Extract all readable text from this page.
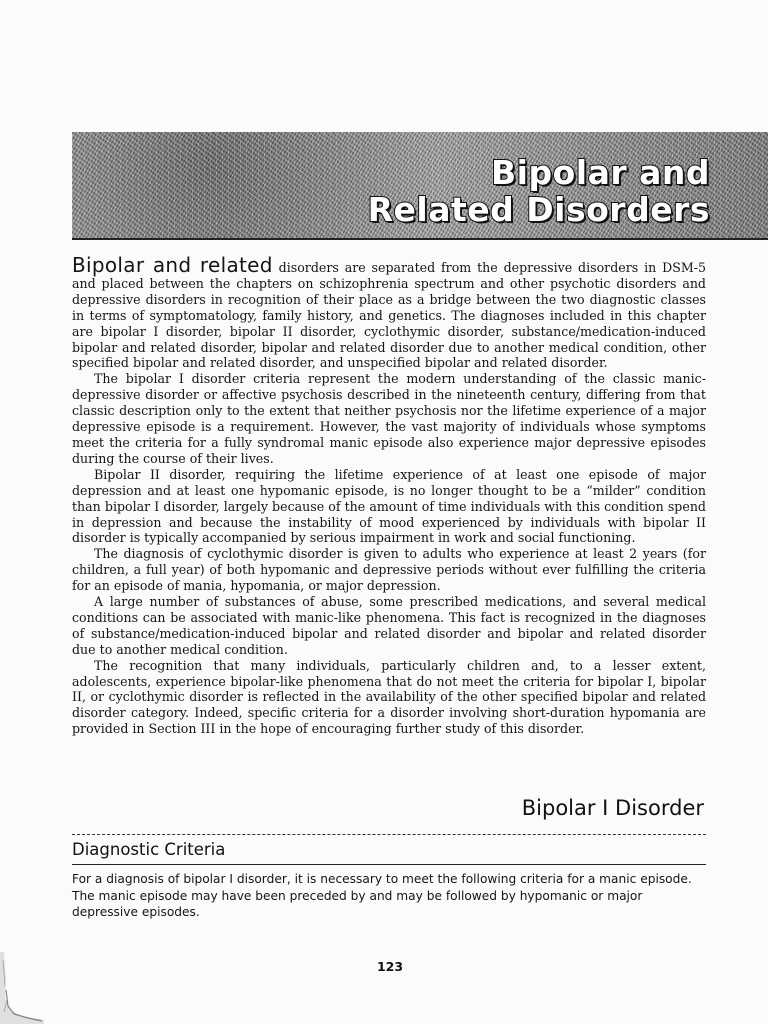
Bipolar and
Related Disorders

Bipolar and related disorders are separated from the depressive disorders in DSM-5 and placed between the chapters on schizophrenia spectrum and other psychotic disorders and depressive disorders in recognition of their place as a bridge between the two diagnostic classes in terms of symptomatology, family history, and genetics. The diagnoses included in this chapter are bipolar I disorder, bipolar II disorder, cyclothymic disorder, substance/medication-induced bipolar and related disorder, bipolar and related disorder due to another medical condition, other specified bipolar and related disorder, and unspecified bipolar and related disorder.

The bipolar I disorder criteria represent the modern understanding of the classic manic-depressive disorder or affective psychosis described in the nineteenth century, differing from that classic description only to the extent that neither psychosis nor the lifetime experience of a major depressive episode is a requirement. However, the vast majority of individuals whose symptoms meet the criteria for a fully syndromal manic episode also experience major depressive episodes during the course of their lives.

Bipolar II disorder, requiring the lifetime experience of at least one episode of major depression and at least one hypomanic episode, is no longer thought to be a “milder” condition than bipolar I disorder, largely because of the amount of time individuals with this condition spend in depression and because the instability of mood experienced by individuals with bipolar II disorder is typically accompanied by serious impairment in work and social functioning.

The diagnosis of cyclothymic disorder is given to adults who experience at least 2 years (for children, a full year) of both hypomanic and depressive periods without ever fulfilling the criteria for an episode of mania, hypomania, or major depression.

A large number of substances of abuse, some prescribed medications, and several medical conditions can be associated with manic-like phenomena. This fact is recognized in the diagnoses of substance/medication-induced bipolar and related disorder and bipolar and related disorder due to another medical condition.

The recognition that many individuals, particularly children and, to a lesser extent, adolescents, experience bipolar-like phenomena that do not meet the criteria for bipolar I, bipolar II, or cyclothymic disorder is reflected in the availability of the other specified bipolar and related disorder category. Indeed, specific criteria for a disorder involving short-duration hypomania are provided in Section III in the hope of encouraging further study of this disorder.

Bipolar I Disorder
Diagnostic Criteria

For a diagnosis of bipolar I disorder, it is necessary to meet the following criteria for a manic episode. The manic episode may have been preceded by and may be followed by hypomanic or major depressive episodes.

123
